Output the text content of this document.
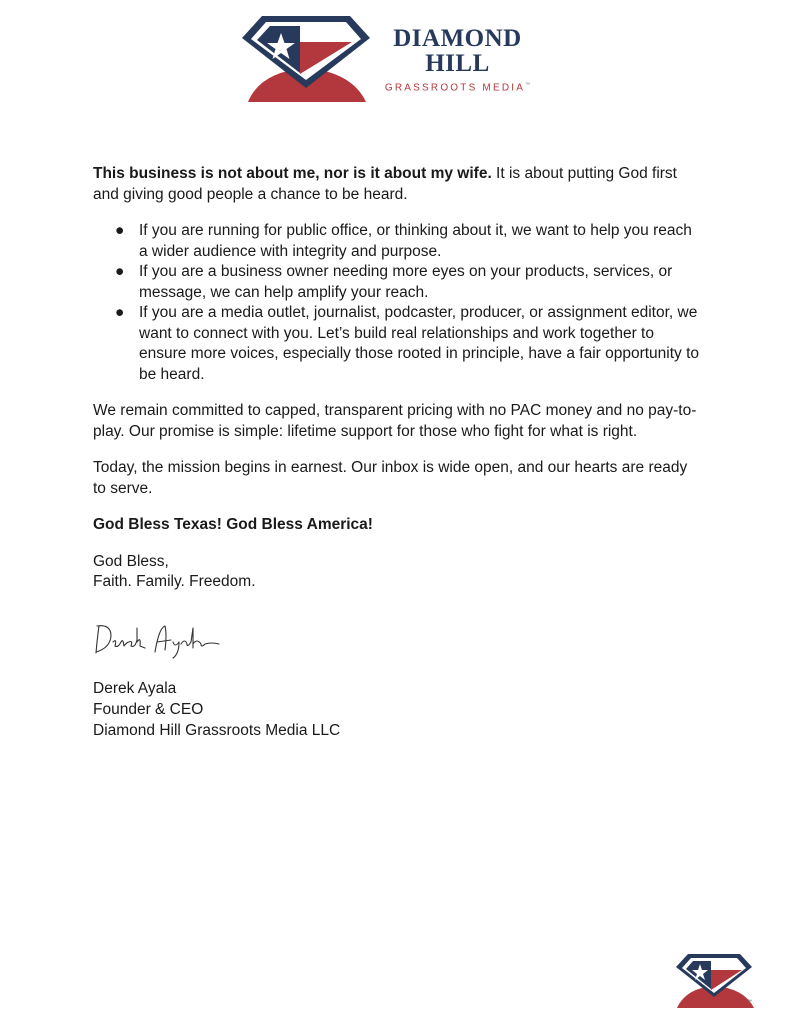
DIAMOND
HILL
GRASSROOTS MEDIA™

This business is not about me, nor is it about my wife. It is about putting God first and giving good people a chance to be heard.

● If you are running for public office, or thinking about it, we want to help you reach a wider audience with integrity and purpose.
● If you are a business owner needing more eyes on your products, services, or message, we can help amplify your reach.
● If you are a media outlet, journalist, podcaster, producer, or assignment editor, we want to connect with you. Let’s build real relationships and work together to ensure more voices, especially those rooted in principle, have a fair opportunity to be heard.

We remain committed to capped, transparent pricing with no PAC money and no pay-to-play. Our promise is simple: lifetime support for those who fight for what is right.

Today, the mission begins in earnest. Our inbox is wide open, and our hearts are ready to serve.

God Bless Texas! God Bless America!

God Bless,
Faith. Family. Freedom.

Derek Ayala
Founder & CEO
Diamond Hill Grassroots Media LLC
™
